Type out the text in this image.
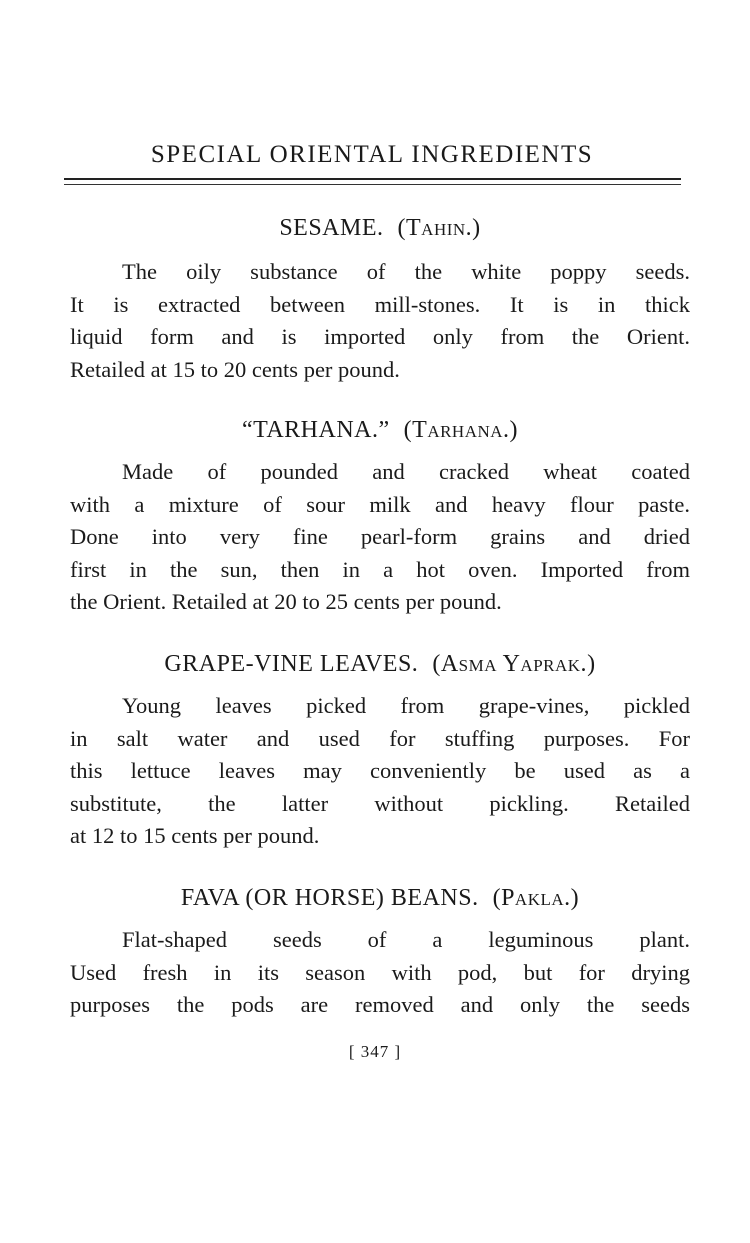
SPECIAL ORIENTAL INGREDIENTS
SESAME. (Tahin.)
The oily substance of the white poppy seeds.
It is extracted between mill-stones. It is in thick
liquid form and is imported only from the Orient.
Retailed at 15 to 20 cents per pound.
“TARHANA.” (Tarhana.)
Made of pounded and cracked wheat coated
with a mixture of sour milk and heavy flour paste.
Done into very fine pearl-form grains and dried
first in the sun, then in a hot oven. Imported from
the Orient. Retailed at 20 to 25 cents per pound.
GRAPE-VINE LEAVES. (Asma Yaprak.)
Young leaves picked from grape-vines, pickled
in salt water and used for stuffing purposes. For
this lettuce leaves may conveniently be used as a
substitute, the latter without pickling. Retailed
at 12 to 15 cents per pound.
FAVA (OR HORSE) BEANS. (Pakla.)
Flat-shaped seeds of a leguminous plant.
Used fresh in its season with pod, but for drying
purposes the pods are removed and only the seeds
[ 347 ]
